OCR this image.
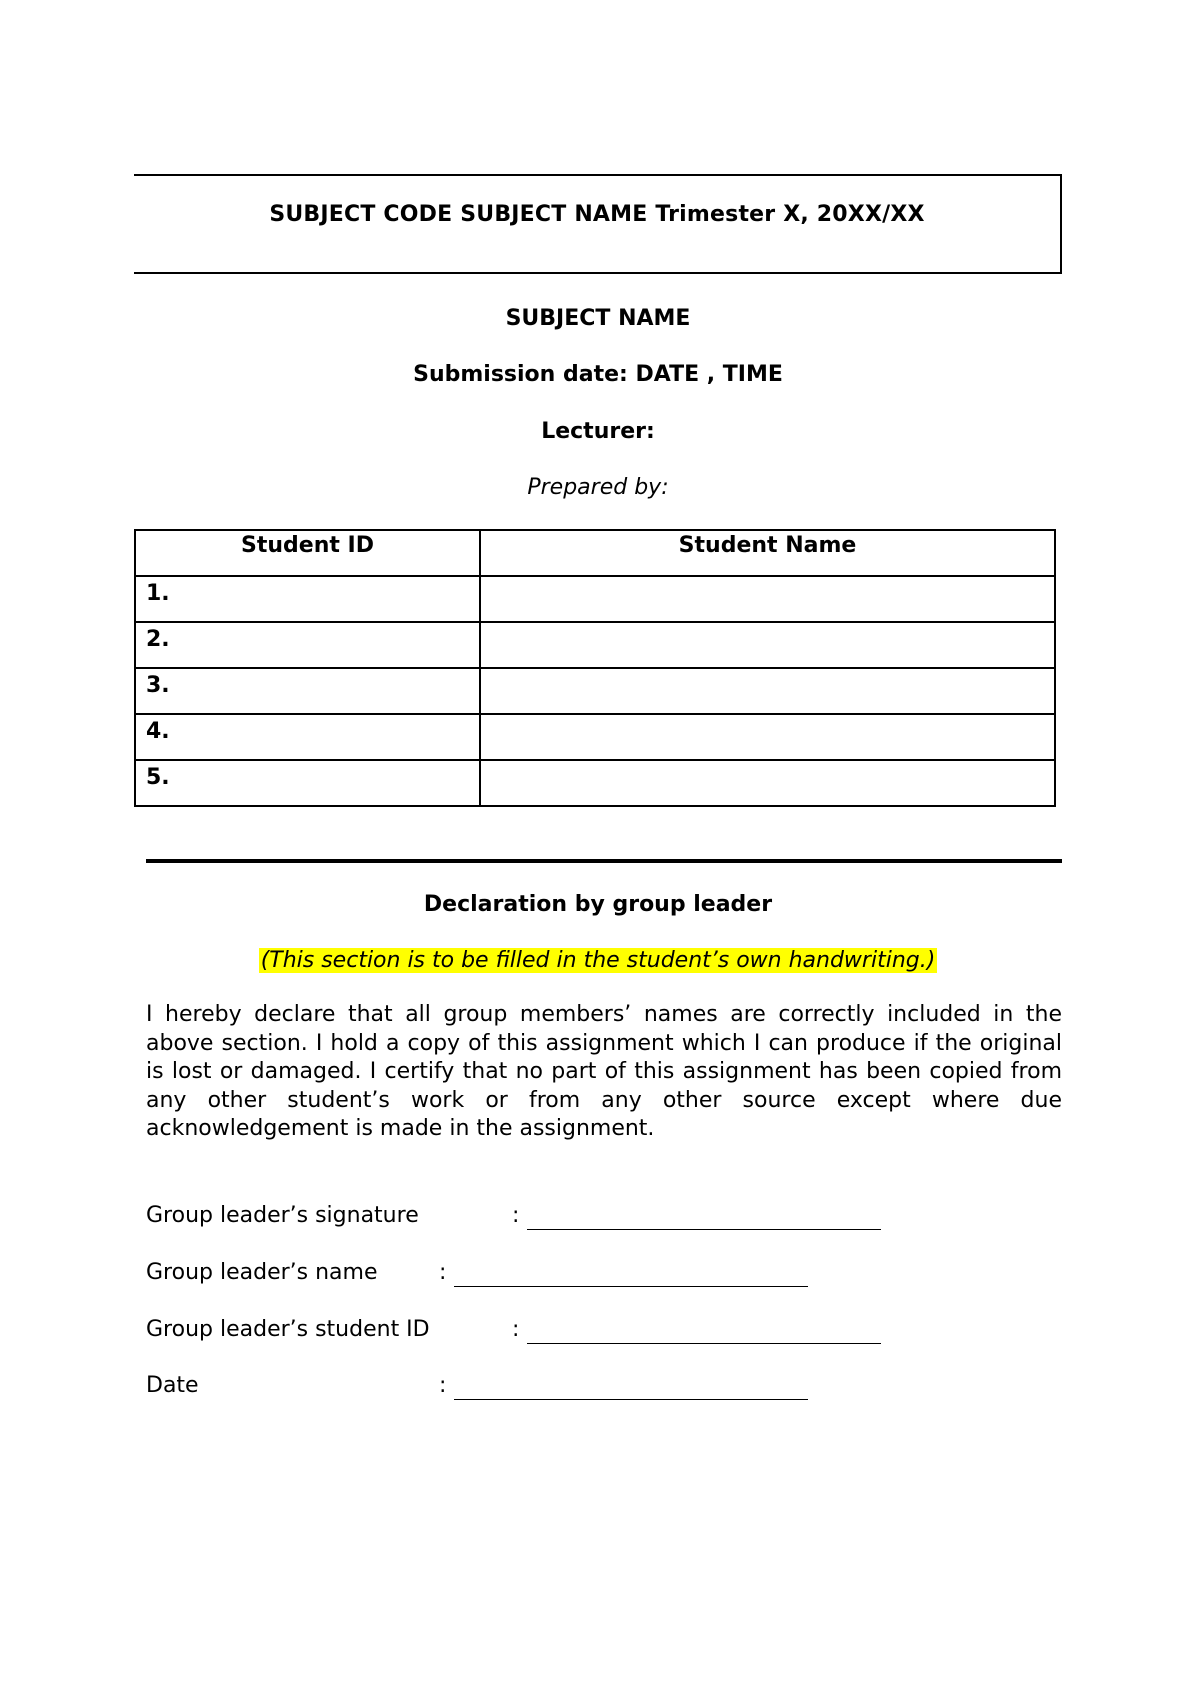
SUBJECT CODE SUBJECT NAME Trimester X, 20XX/XX
SUBJECT NAME
Submission date: DATE , TIME
Lecturer:
Prepared by:
Student ID	Student Name
1.	
2.	
3.	
4.	
5.	
Declaration by group leader
(This section is to be filled in the student’s own handwriting.)
I hereby declare that all group members’ names are correctly included in the above section. I hold a copy of this assignment which I can produce if the original is lost or damaged. I certify that no part of this assignment has been copied from any other student’s work or from any other source except where due acknowledgement is made in the assignment.
Group leader’s signature	:
Group leader’s name	:
Group leader’s student ID	:
Date	:
